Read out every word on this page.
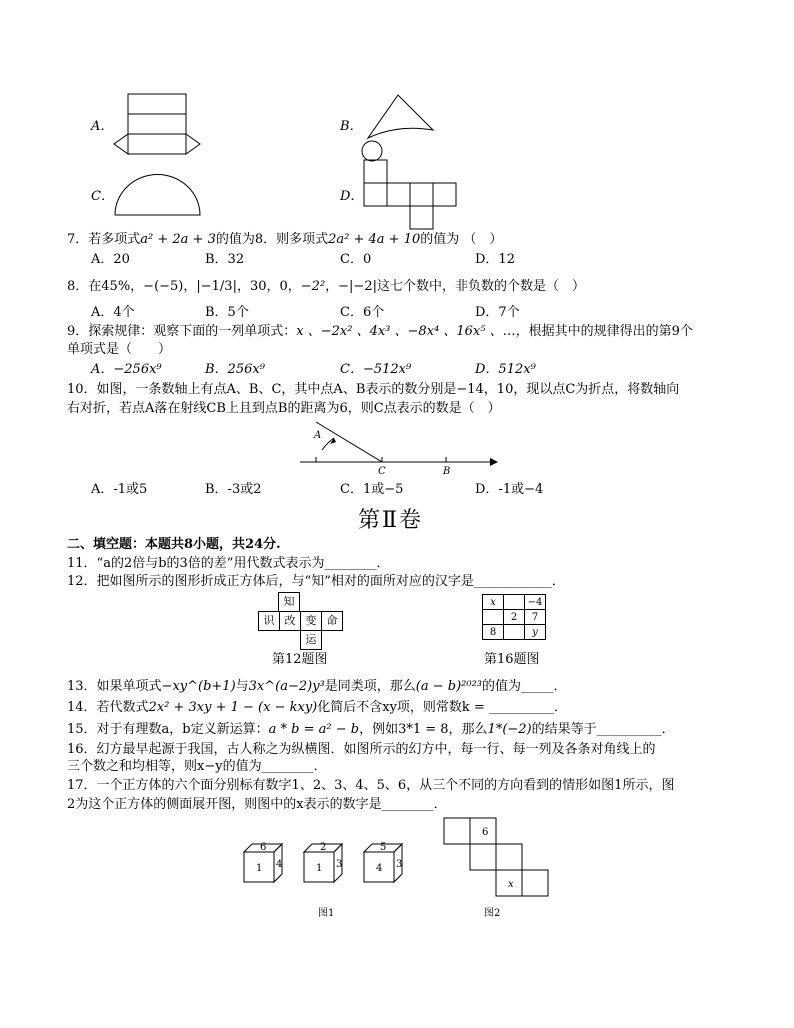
A．	B．
C．	D．
7．若多项式a² + 2a + 3的值为8．则多项式2a² + 4a + 10的值为 （　）
A．20	B．32	C．0	D．12
8．在45%，−(−5)，|−1/3|，30，0，−2²，−|−2|这七个数中，非负数的个数是（　）
A．4个	B．5个	C．6个	D．7个
9．探索规律：观察下面的一列单项式：x 、−2x² 、4x³ 、−8x⁴ 、16x⁵ 、…，根据其中的规律得出的第9个
单项式是（　　）
A．−256x⁹	B．256x⁹	C．−512x⁹	D．512x⁹
10．如图，一条数轴上有点A、B、C，其中点A、B表示的数分别是−14，10，现以点C为折点，将数轴向
右对折，若点A落在射线CB上且到点B的距离为6，则C点表示的数是（　）
A
C	B
A．-1或5	B．-3或2	C．1或−5	D．-1或−4
第Ⅱ卷
二、填空题：本题共8小题，共24分.
11．“a的2倍与b的3倍的差”用代数式表示为________．
12．把如图所示的图形折成正方体后，与“知”相对的面所对应的汉字是____________．
知
识 改 变 命
运
第12题图
x		−4
	2	7
8		y
第16题图
13．如果单项式−xy^(b+1)与3x^(a−2)y³是同类项，那么(a − b)²⁰²³的值为_____．
14．若代数式2x² + 3xy + 1 − (x − kxy)化简后不含xy项，则常数k = __________．
15．对于有理数a，b定义新运算：a * b = a² − b，例如3*1 = 8，那么1*(−2)的结果等于__________．
16．幻方最早起源于我国，古人称之为纵横图．如图所示的幻方中，每一行、每一列及各条对角线上的
三个数之和均相等，则x−y的值为________．
17．一个正方体的六个面分别标有数字1、2、3、4、5、6，从三个不同的方向看到的情形如图1所示，图
2为这个正方体的侧面展开图，则图中的x表示的数字是________．
6
1 4
2
1 3
5
4 3
图1
6
x
图2
